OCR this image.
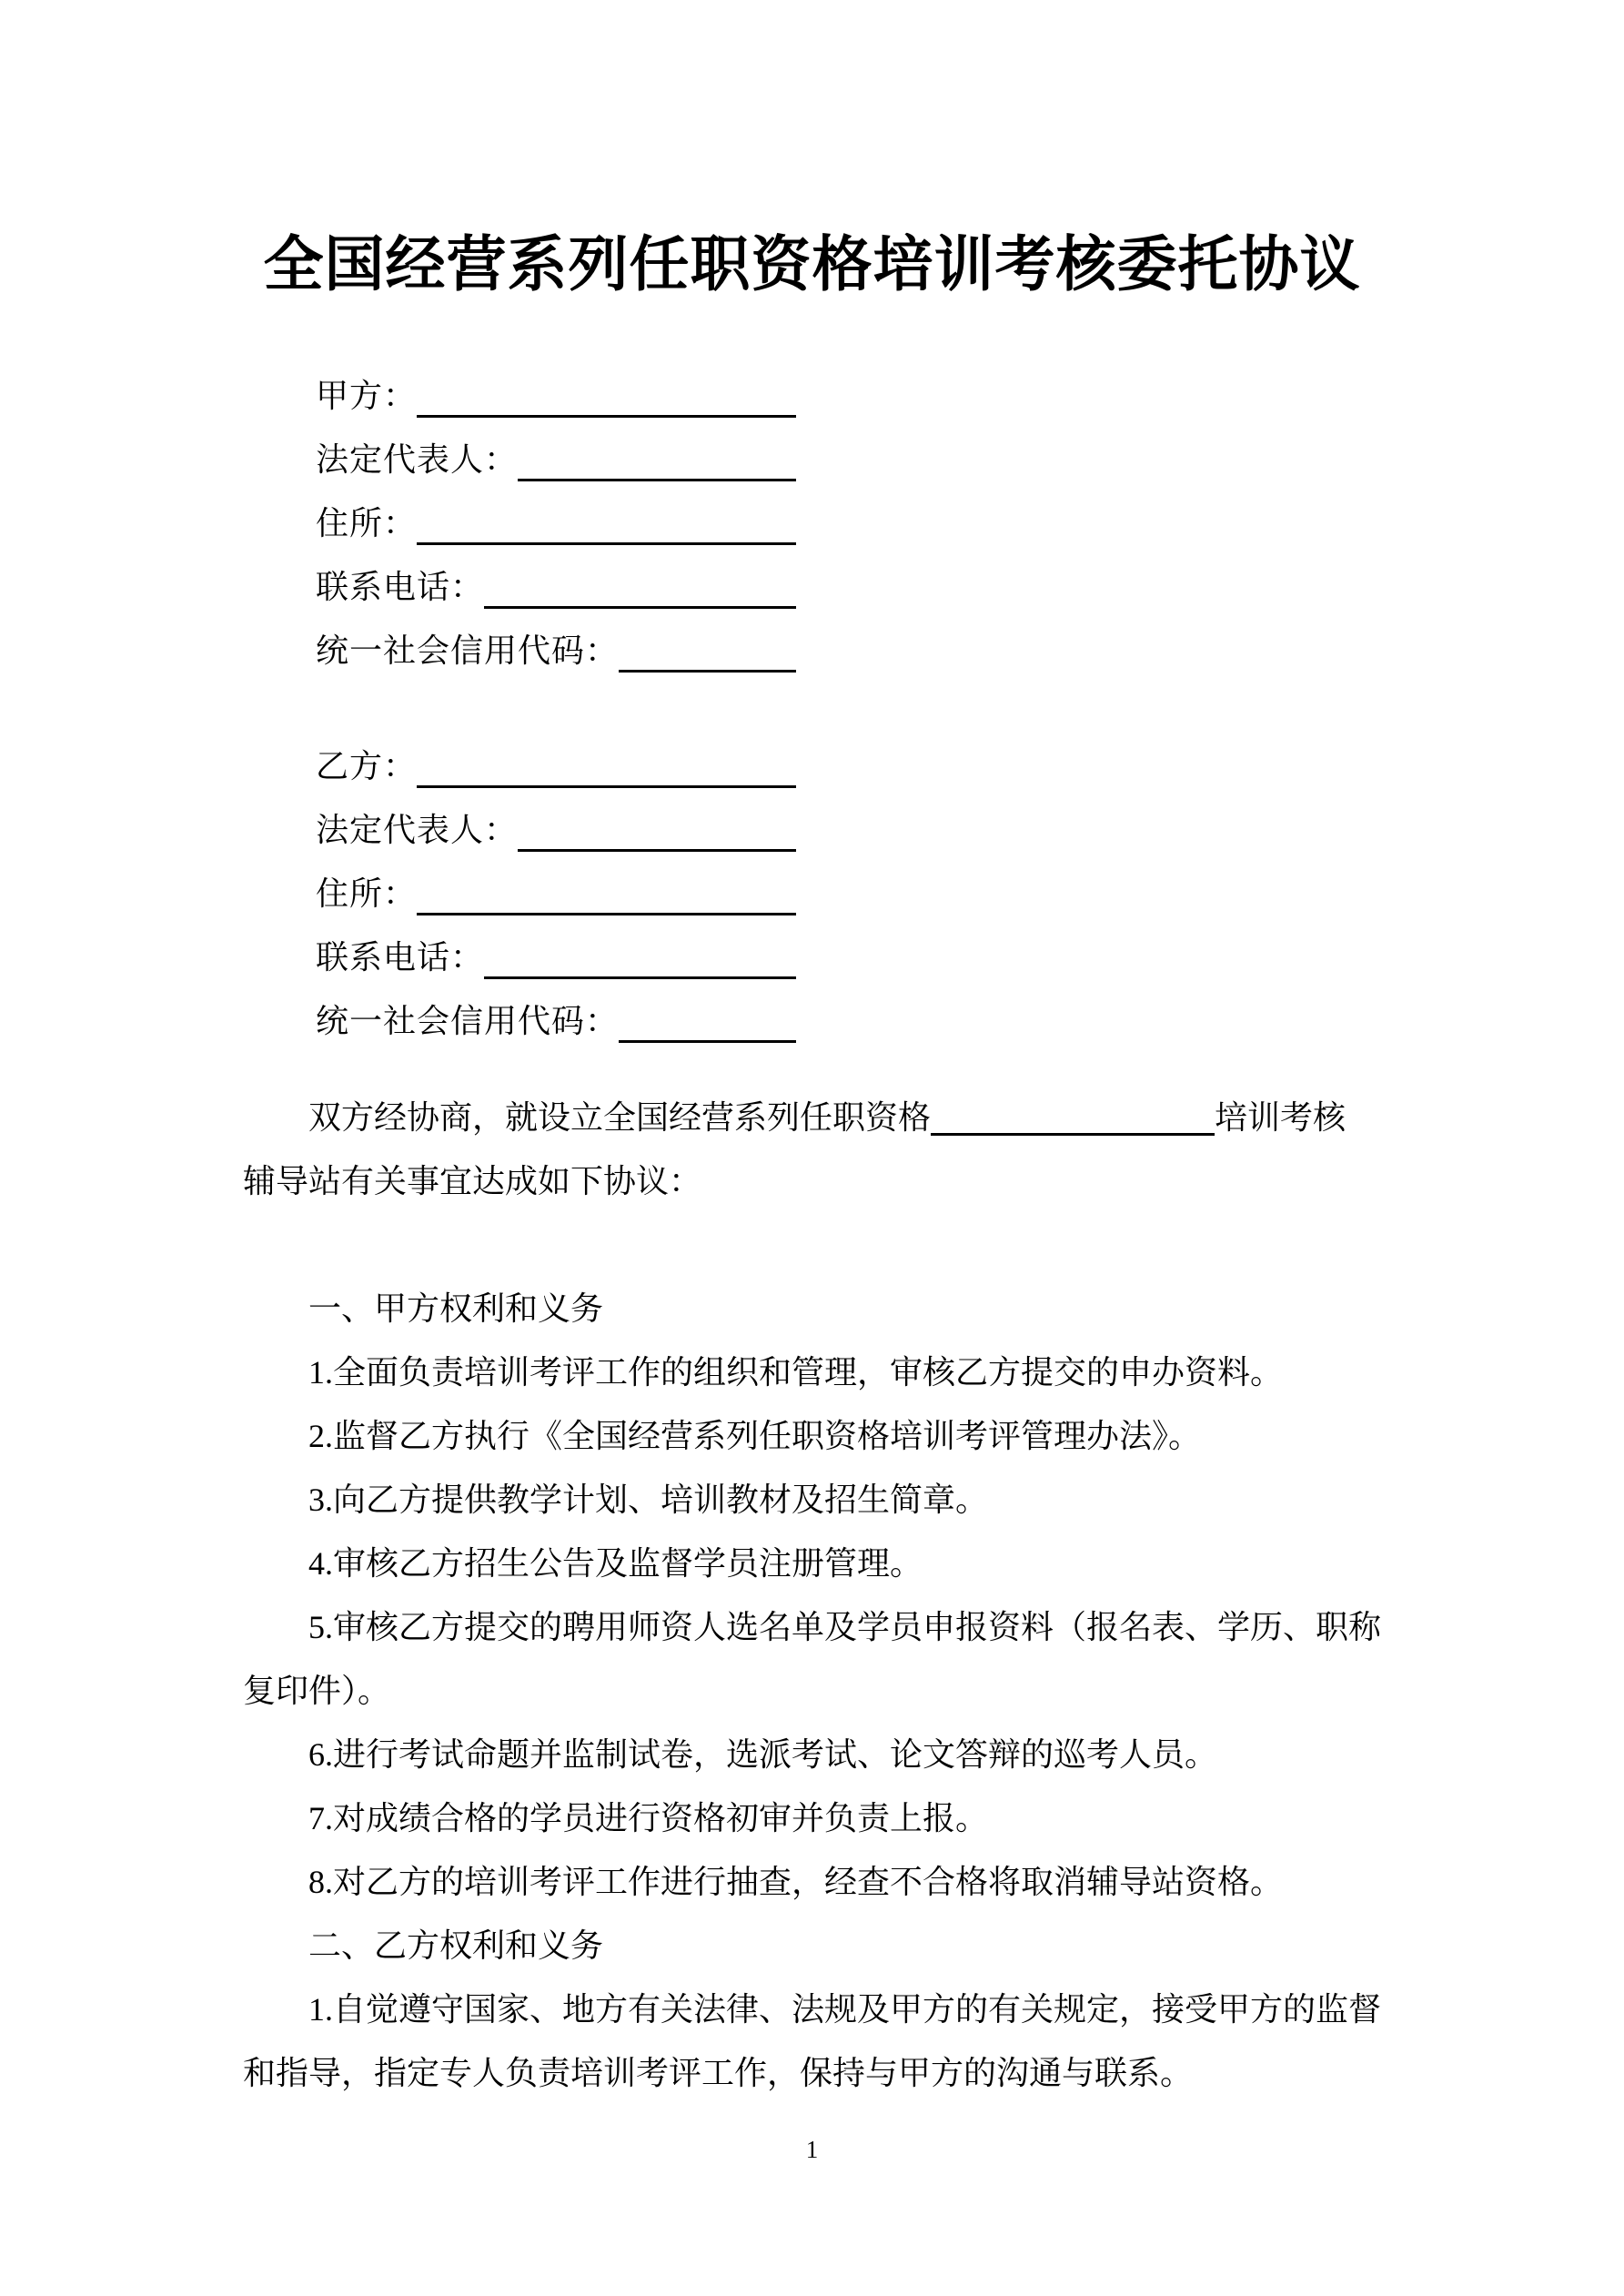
全国经营系列任职资格培训考核委托协议
甲方：
法定代表人：
住所：
联系电话：
统一社会信用代码：
乙方：
法定代表人：
住所：
联系电话：
统一社会信用代码：
双方经协商，就设立全国经营系列任职资格	培训考核
辅导站有关事宜达成如下协议：
一、甲方权利和义务
1.全面负责培训考评工作的组织和管理，审核乙方提交的申办资料。
2.监督乙方执行《全国经营系列任职资格培训考评管理办法》。
3.向乙方提供教学计划、培训教材及招生简章。
4.审核乙方招生公告及监督学员注册管理。
5.审核乙方提交的聘用师资人选名单及学员申报资料（报名表、学历、职称
复印件）。
6.进行考试命题并监制试卷，选派考试、论文答辩的巡考人员。
7.对成绩合格的学员进行资格初审并负责上报。
8.对乙方的培训考评工作进行抽查，经查不合格将取消辅导站资格。
二、乙方权利和义务
1.自觉遵守国家、地方有关法律、法规及甲方的有关规定，接受甲方的监督
和指导，指定专人负责培训考评工作，保持与甲方的沟通与联系。
1
